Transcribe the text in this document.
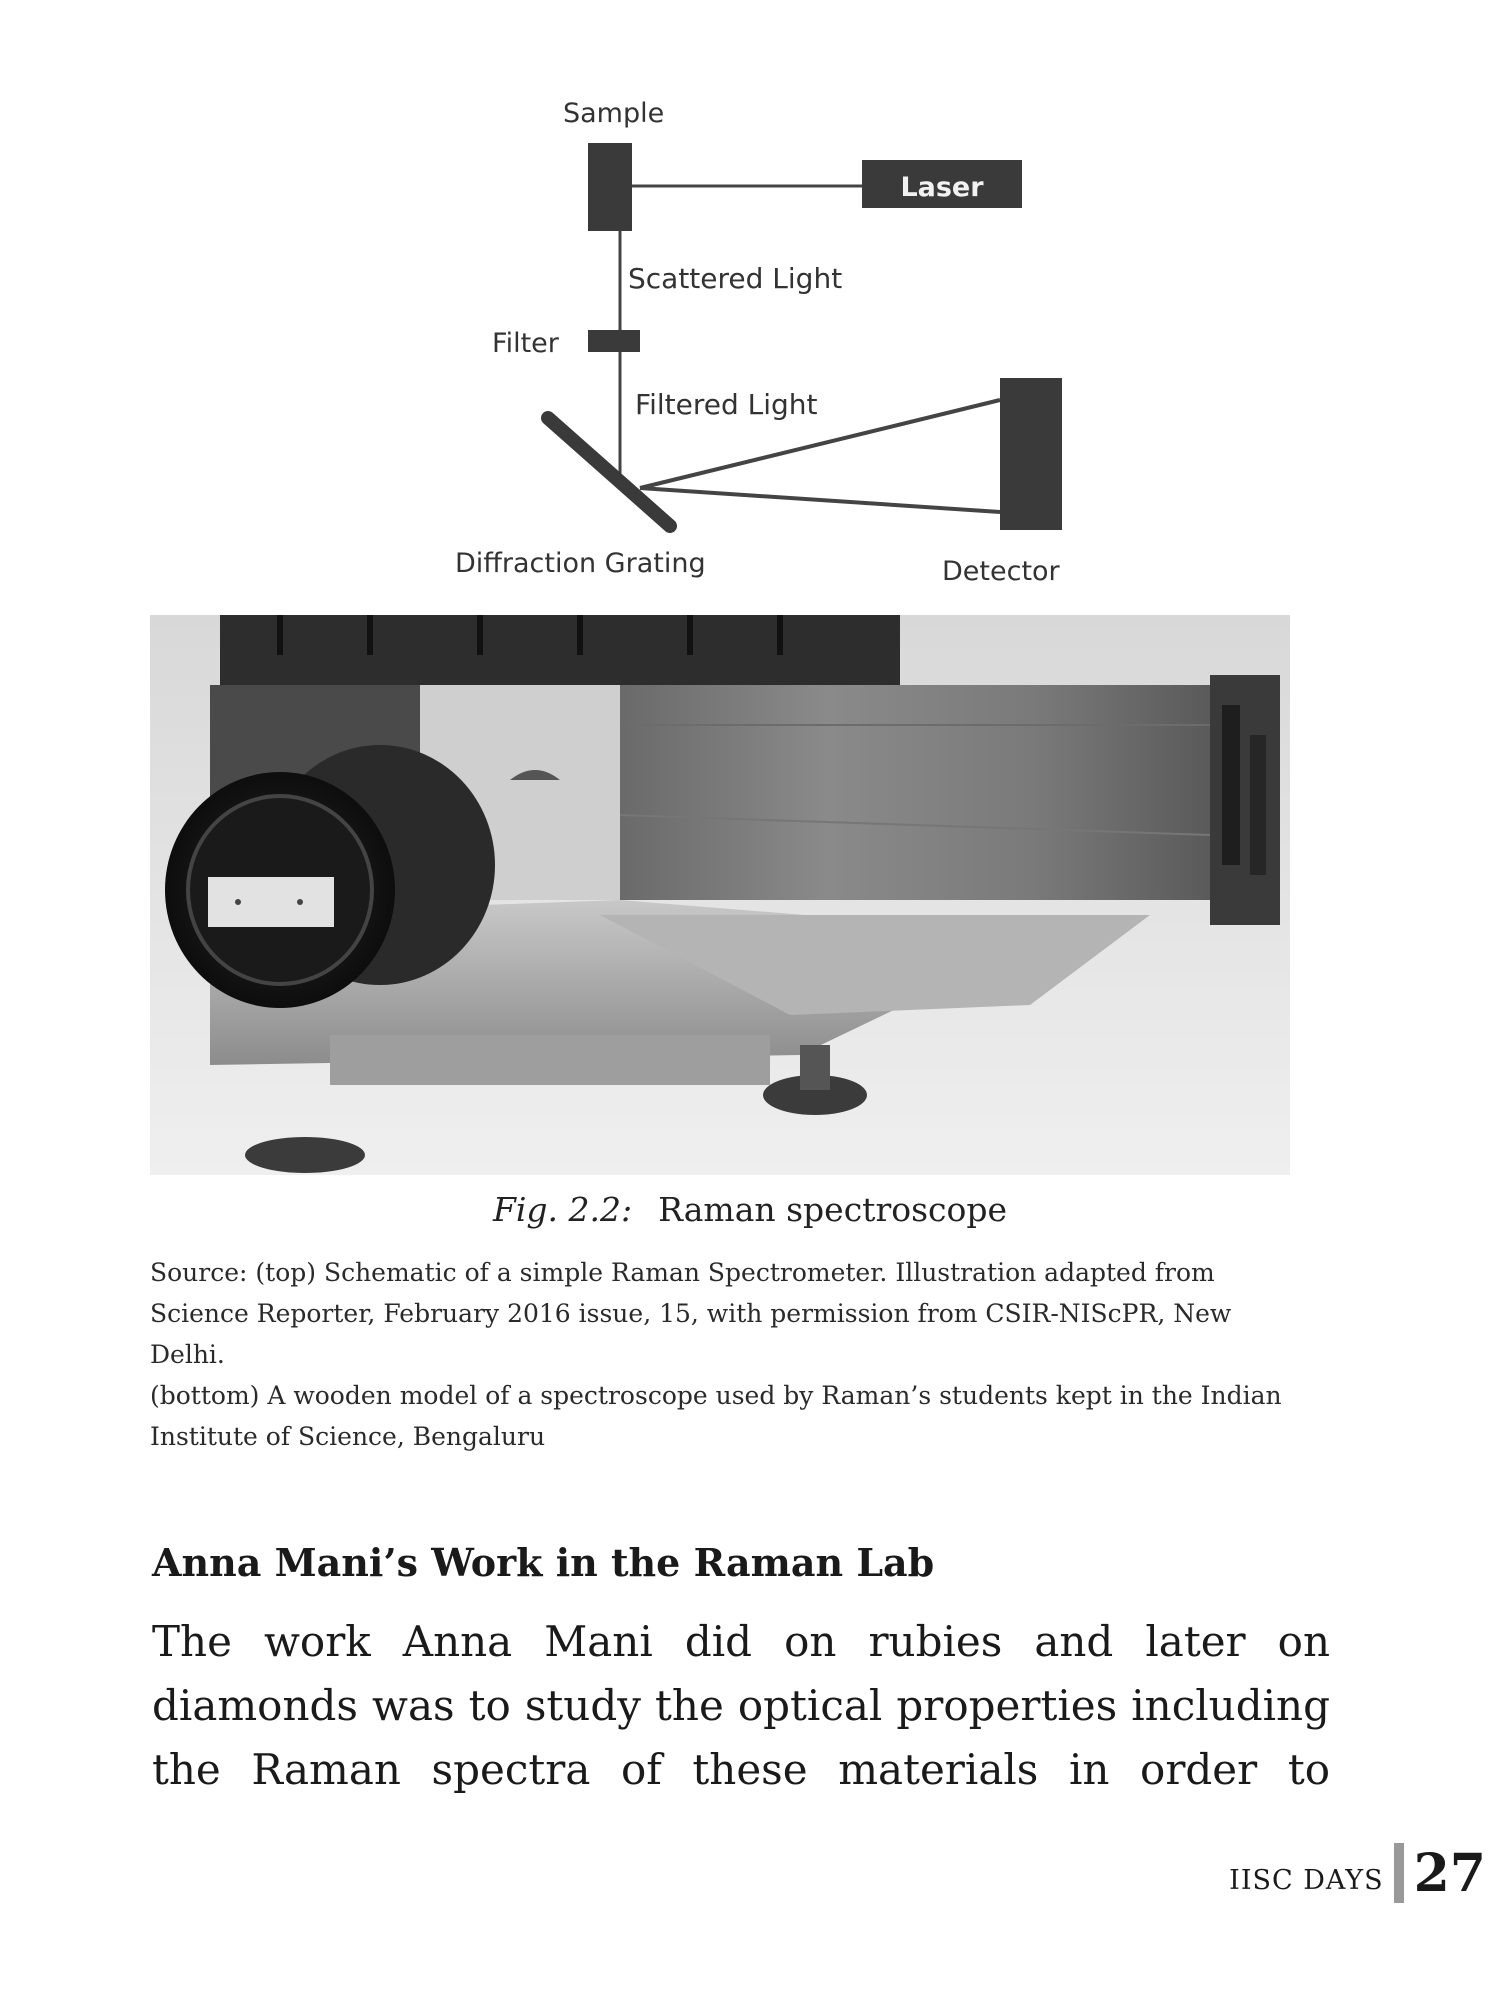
Laser
Sample
Scattered Light
Filter
Filtered Light
Diffraction Grating	Detector
Fig. 2.2: Raman spectroscope

Source: (top) Schematic of a simple Raman Spectrometer. Illustration adapted from Science Reporter, February 2016 issue, 15, with permission from CSIR-NIScPR, New Delhi.

(bottom) A wooden model of a spectroscope used by Raman’s students kept in the Indian Institute of Science, Bengaluru

Anna Mani’s Work in the Raman Lab

The work Anna Mani did on rubies and later on diamonds was to study the optical properties including the Raman spectra of these materials in order to

IISC DAYS 27
